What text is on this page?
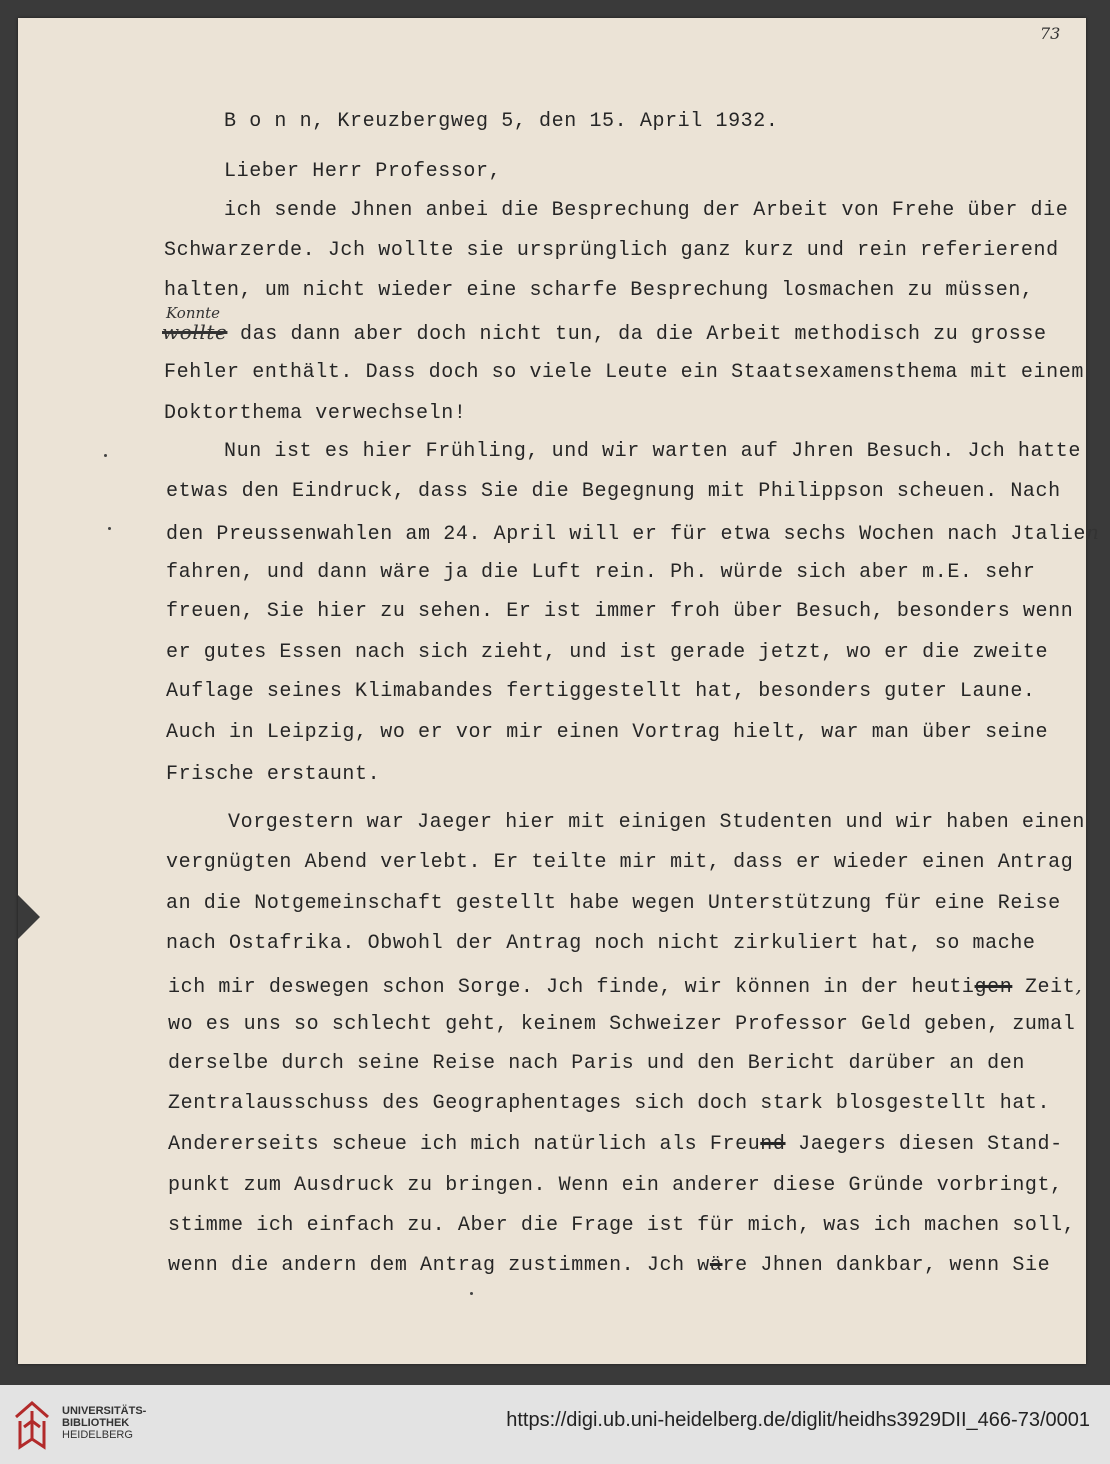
73

B o n n, Kreuzbergweg 5, den 15. April 1932.

Lieber Herr Professor,

ich sende Jhnen anbei die Besprechung der Arbeit von Frehe über die

Schwarzerde. Jch wollte sie ursprünglich ganz kurz und rein referierend

halten, um nicht wieder eine scharfe Besprechung losmachen zu müssen,

Konnte

wollte das dann aber doch nicht tun, da die Arbeit methodisch zu grosse

Fehler enthält. Dass doch so viele Leute ein Staatsexamensthema mit einem

Doktorthema verwechseln!

Nun ist es hier Frühling, und wir warten auf Jhren Besuch. Jch hatte

etwas den Eindruck, dass Sie die Begegnung mit Philippson scheuen. Nach

den Preussenwahlen am 24. April will er für etwa sechs Wochen nach Jtalien

fahren, und dann wäre ja die Luft rein. Ph. würde sich aber m.E. sehr

freuen, Sie hier zu sehen. Er ist immer froh über Besuch, besonders wenn

er gutes Essen nach sich zieht, und ist gerade jetzt, wo er die zweite

Auflage seines Klimabandes fertiggestellt hat, besonders guter Laune.

Auch in Leipzig, wo er vor mir einen Vortrag hielt, war man über seine

Frische erstaunt.

Vorgestern war Jaeger hier mit einigen Studenten und wir haben einen

vergnügten Abend verlebt. Er teilte mir mit, dass er wieder einen Antrag

an die Notgemeinschaft gestellt habe wegen Unterstützung für eine Reise

nach Ostafrika. Obwohl der Antrag noch nicht zirkuliert hat, so mache

ich mir deswegen schon Sorge. Jch finde, wir können in der heutigen Zeit,

wo es uns so schlecht geht, keinem Schweizer Professor Geld geben, zumal

derselbe durch seine Reise nach Paris und den Bericht darüber an den

Zentralausschuss des Geographentages sich doch stark blosgestellt hat.

Andererseits scheue ich mich natürlich als Freund Jaegers diesen Stand-

punkt zum Ausdruck zu bringen. Wenn ein anderer diese Gründe vorbringt,

stimme ich einfach zu. Aber die Frage ist für mich, was ich machen soll,

wenn die andern dem Antrag zustimmen. Jch wäre Jhnen dankbar, wenn Sie

UNIVERSITÄTS-
BIBLIOTHEK
HEIDELBERG
https://digi.ub.uni-heidelberg.de/diglit/heidhs3929DII_466-73/0001
